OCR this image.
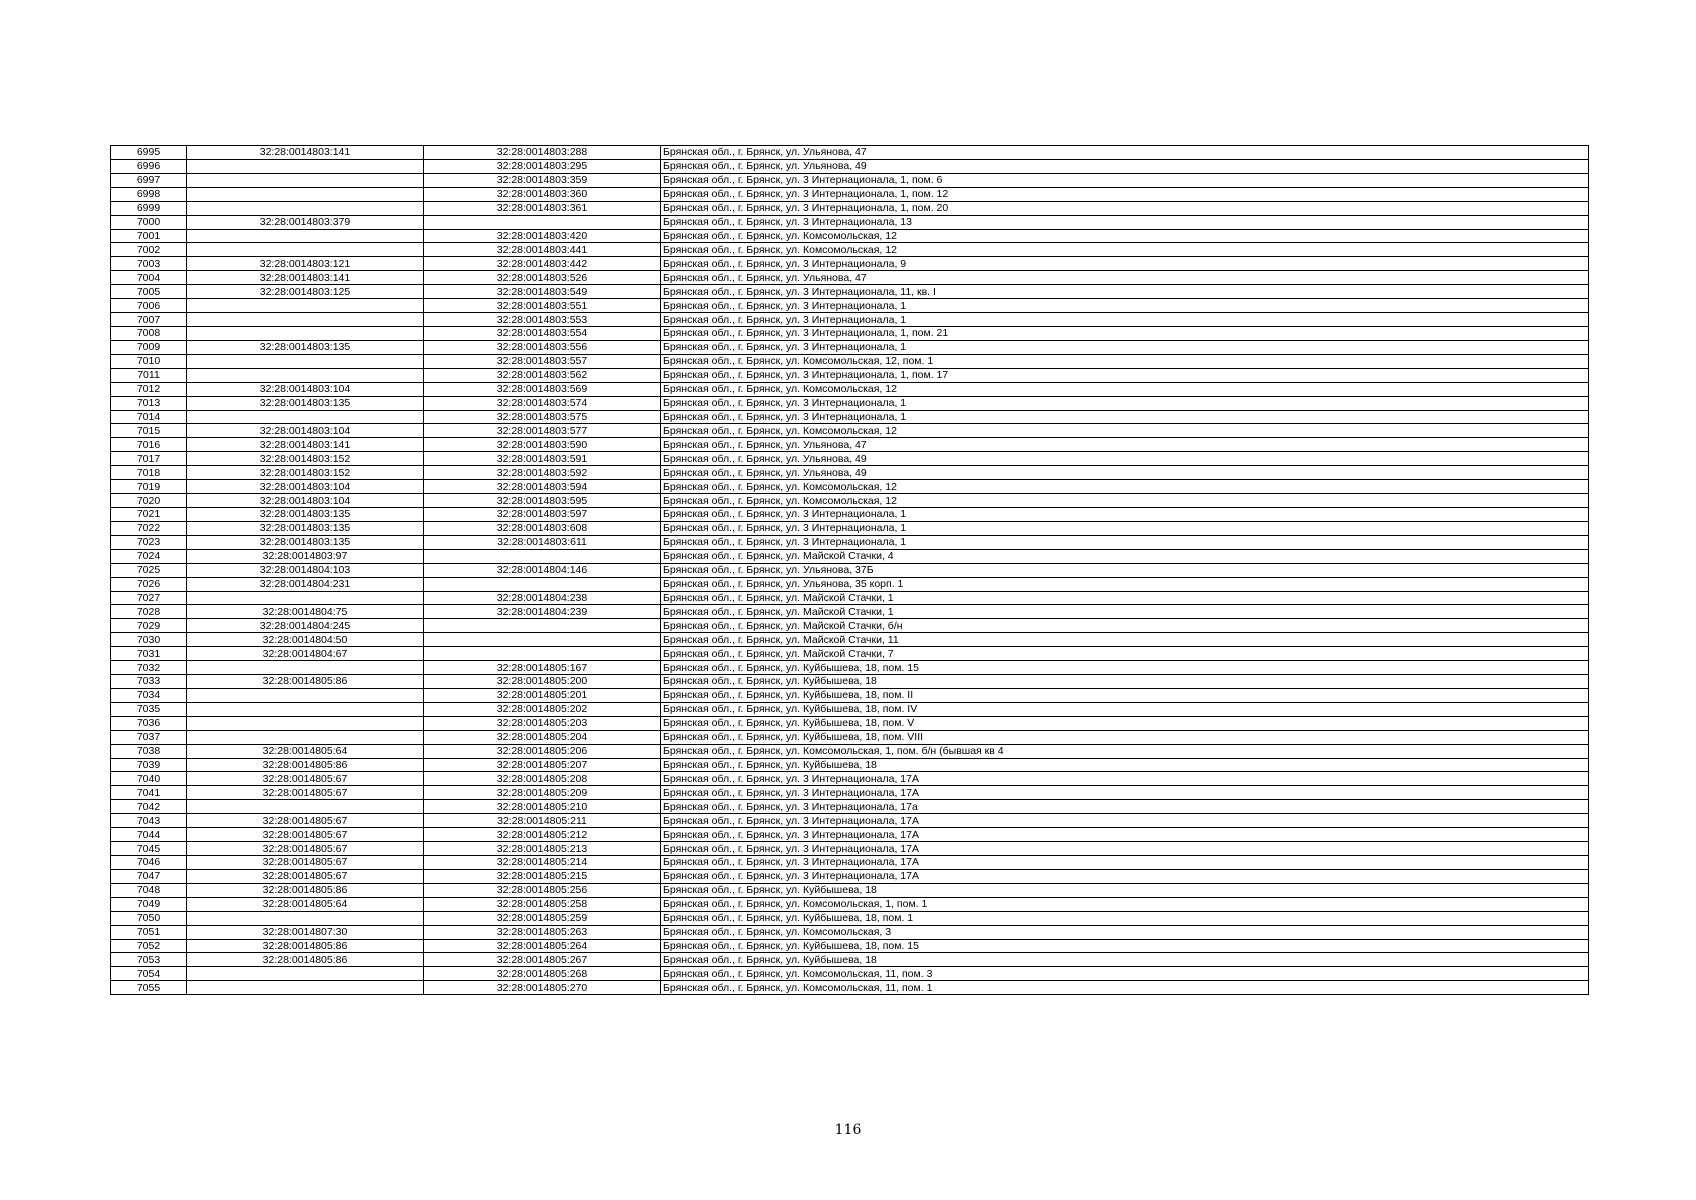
6995	32:28:0014803:141	32:28:0014803:288	Брянская обл., г. Брянск, ул. Ульянова, 47
6996		32:28:0014803:295	Брянская обл., г. Брянск, ул. Ульянова, 49
6997		32:28:0014803:359	Брянская обл., г. Брянск, ул. 3 Интернационала, 1, пом. 6
6998		32:28:0014803:360	Брянская обл., г. Брянск, ул. 3 Интернационала, 1, пом. 12
6999		32:28:0014803:361	Брянская обл., г. Брянск, ул. 3 Интернационала, 1, пом. 20
7000	32:28:0014803:379		Брянская обл., г. Брянск, ул. 3 Интернационала, 13
7001		32:28:0014803:420	Брянская обл., г. Брянск, ул. Комсомольская, 12
7002		32:28:0014803:441	Брянская обл., г. Брянск, ул. Комсомольская, 12
7003	32:28:0014803:121	32:28:0014803:442	Брянская обл., г. Брянск, ул. 3 Интернационала, 9
7004	32:28:0014803:141	32:28:0014803:526	Брянская обл., г. Брянск, ул. Ульянова, 47
7005	32:28:0014803:125	32:28:0014803:549	Брянская обл., г. Брянск, ул. 3 Интернационала, 11, кв. I
7006		32:28:0014803:551	Брянская обл., г. Брянск, ул. 3 Интернационала, 1
7007		32:28:0014803:553	Брянская обл., г. Брянск, ул. 3 Интернационала, 1
7008		32:28:0014803:554	Брянская обл., г. Брянск, ул. 3 Интернационала, 1, пом. 21
7009	32:28:0014803:135	32:28:0014803:556	Брянская обл., г. Брянск, ул. 3 Интернационала, 1
7010		32:28:0014803:557	Брянская обл., г. Брянск, ул. Комсомольская, 12, пом. 1
7011		32:28:0014803:562	Брянская обл., г. Брянск, ул. 3 Интернационала, 1, пом. 17
7012	32:28:0014803:104	32:28:0014803:569	Брянская обл., г. Брянск, ул. Комсомольская, 12
7013	32:28:0014803:135	32:28:0014803:574	Брянская обл., г. Брянск, ул. 3 Интернационала, 1
7014		32:28:0014803:575	Брянская обл., г. Брянск, ул. 3 Интернационала, 1
7015	32:28:0014803:104	32:28:0014803:577	Брянская обл., г. Брянск, ул. Комсомольская, 12
7016	32:28:0014803:141	32:28:0014803:590	Брянская обл., г. Брянск, ул. Ульянова, 47
7017	32:28:0014803:152	32:28:0014803:591	Брянская обл., г. Брянск, ул. Ульянова, 49
7018	32:28:0014803:152	32:28:0014803:592	Брянская обл., г. Брянск, ул. Ульянова, 49
7019	32:28:0014803:104	32:28:0014803:594	Брянская обл., г. Брянск, ул. Комсомольская, 12
7020	32:28:0014803:104	32:28:0014803:595	Брянская обл., г. Брянск, ул. Комсомольская, 12
7021	32:28:0014803:135	32:28:0014803:597	Брянская обл., г. Брянск, ул. 3 Интернационала, 1
7022	32:28:0014803:135	32:28:0014803:608	Брянская обл., г. Брянск, ул. 3 Интернационала, 1
7023	32:28:0014803:135	32:28:0014803:611	Брянская обл., г. Брянск, ул. 3 Интернационала, 1
7024	32:28:0014803:97		Брянская обл., г. Брянск, ул. Майской Стачки, 4
7025	32:28:0014804:103	32:28:0014804:146	Брянская обл., г. Брянск, ул. Ульянова, 37Б
7026	32:28:0014804:231		Брянская обл., г. Брянск, ул. Ульянова, 35 корп. 1
7027		32:28:0014804:238	Брянская обл., г. Брянск, ул. Майской Стачки, 1
7028	32:28:0014804:75	32:28:0014804:239	Брянская обл., г. Брянск, ул. Майской Стачки, 1
7029	32:28:0014804:245		Брянская обл., г. Брянск, ул. Майской Стачки, б/н
7030	32:28:0014804:50		Брянская обл., г. Брянск, ул. Майской Стачки, 11
7031	32:28:0014804:67		Брянская обл., г. Брянск, ул. Майской Стачки, 7
7032		32:28:0014805:167	Брянская обл., г. Брянск, ул. Куйбышева, 18, пом. 15
7033	32:28:0014805:86	32:28:0014805:200	Брянская обл., г. Брянск, ул. Куйбышева, 18
7034		32:28:0014805:201	Брянская обл., г. Брянск, ул. Куйбышева, 18, пом. II
7035		32:28:0014805:202	Брянская обл., г. Брянск, ул. Куйбышева, 18, пом. IV
7036		32:28:0014805:203	Брянская обл., г. Брянск, ул. Куйбышева, 18, пом. V
7037		32:28:0014805:204	Брянская обл., г. Брянск, ул. Куйбышева, 18, пом. VIII
7038	32:28:0014805:64	32:28:0014805:206	Брянская обл., г. Брянск, ул. Комсомольская, 1, пом. б/н (бывшая кв 4
7039	32:28:0014805:86	32:28:0014805:207	Брянская обл., г. Брянск, ул. Куйбышева, 18
7040	32:28:0014805:67	32:28:0014805:208	Брянская обл., г. Брянск, ул. 3 Интернационала, 17А
7041	32:28:0014805:67	32:28:0014805:209	Брянская обл., г. Брянск, ул. 3 Интернационала, 17А
7042		32:28:0014805:210	Брянская обл., г. Брянск, ул. 3 Интернационала, 17а
7043	32:28:0014805:67	32:28:0014805:211	Брянская обл., г. Брянск, ул. 3 Интернационала, 17А
7044	32:28:0014805:67	32:28:0014805:212	Брянская обл., г. Брянск, ул. 3 Интернационала, 17А
7045	32:28:0014805:67	32:28:0014805:213	Брянская обл., г. Брянск, ул. 3 Интернационала, 17А
7046	32:28:0014805:67	32:28:0014805:214	Брянская обл., г. Брянск, ул. 3 Интернационала, 17А
7047	32:28:0014805:67	32:28:0014805:215	Брянская обл., г. Брянск, ул. 3 Интернационала, 17А
7048	32:28:0014805:86	32:28:0014805:256	Брянская обл., г. Брянск, ул. Куйбышева, 18
7049	32:28:0014805:64	32:28:0014805:258	Брянская обл., г. Брянск, ул. Комсомольская, 1, пом. 1
7050		32:28:0014805:259	Брянская обл., г. Брянск, ул. Куйбышева, 18, пом. 1
7051	32:28:0014807:30	32:28:0014805:263	Брянская обл., г. Брянск, ул. Комсомольская, 3
7052	32:28:0014805:86	32:28:0014805:264	Брянская обл., г. Брянск, ул. Куйбышева, 18, пом. 15
7053	32:28:0014805:86	32:28:0014805:267	Брянская обл., г. Брянск, ул. Куйбышева, 18
7054		32:28:0014805:268	Брянская обл., г. Брянск, ул. Комсомольская, 11, пом. 3
7055		32:28:0014805:270	Брянская обл., г. Брянск, ул. Комсомольская, 11, пом. 1
116
